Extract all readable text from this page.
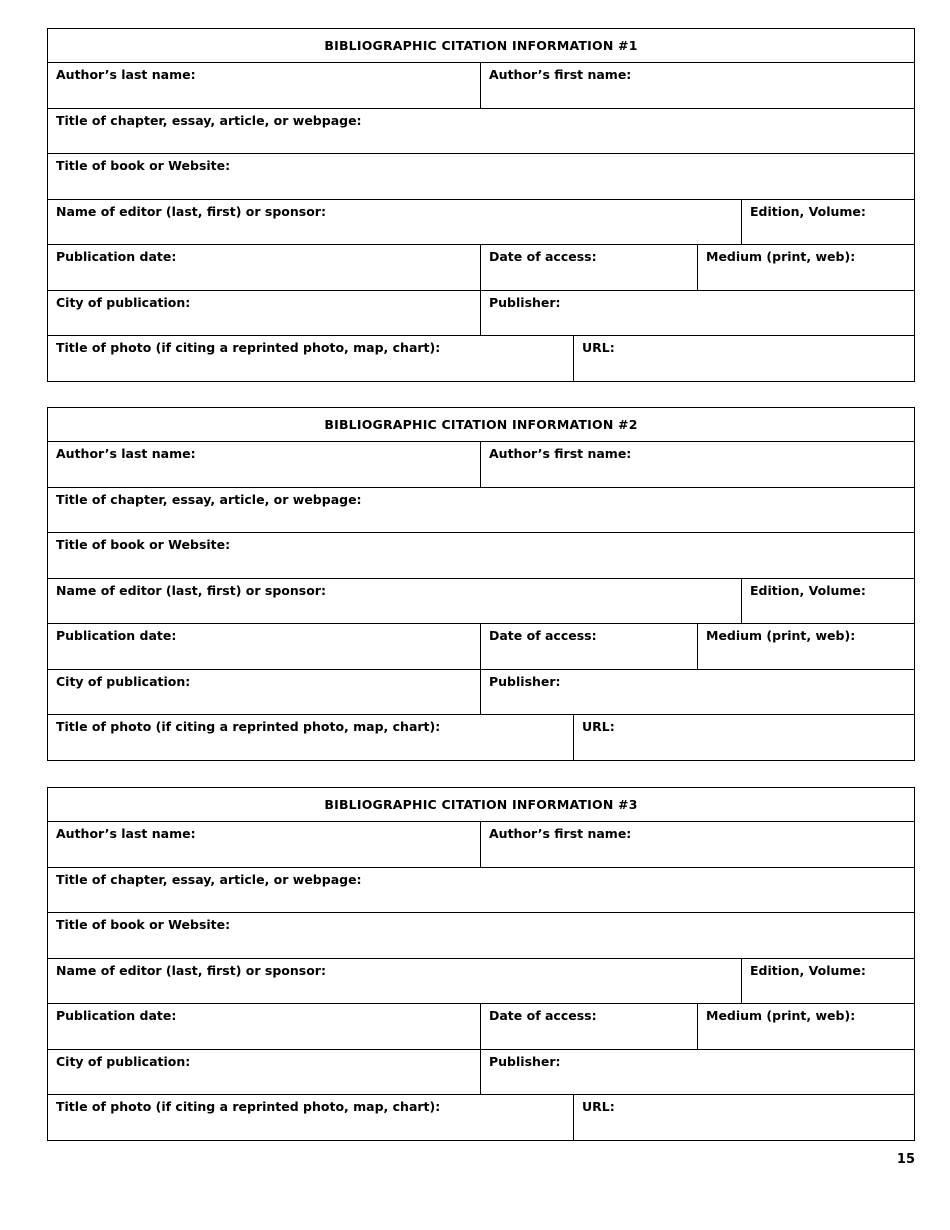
BIBLIOGRAPHIC CITATION INFORMATION #1
Author’s last name:	Author’s first name:
Title of chapter, essay, article, or webpage:
Title of book or Website:
Name of editor (last, first) or sponsor:	Edition, Volume:
Publication date:	Date of access:	Medium (print, web):
City of publication:	Publisher:
Title of photo (if citing a reprinted photo, map, chart):	URL:
BIBLIOGRAPHIC CITATION INFORMATION #2
Author’s last name:	Author’s first name:
Title of chapter, essay, article, or webpage:
Title of book or Website:
Name of editor (last, first) or sponsor:	Edition, Volume:
Publication date:	Date of access:	Medium (print, web):
City of publication:	Publisher:
Title of photo (if citing a reprinted photo, map, chart):	URL:
BIBLIOGRAPHIC CITATION INFORMATION #3
Author’s last name:	Author’s first name:
Title of chapter, essay, article, or webpage:
Title of book or Website:
Name of editor (last, first) or sponsor:	Edition, Volume:
Publication date:	Date of access:	Medium (print, web):
City of publication:	Publisher:
Title of photo (if citing a reprinted photo, map, chart):	URL:
15
